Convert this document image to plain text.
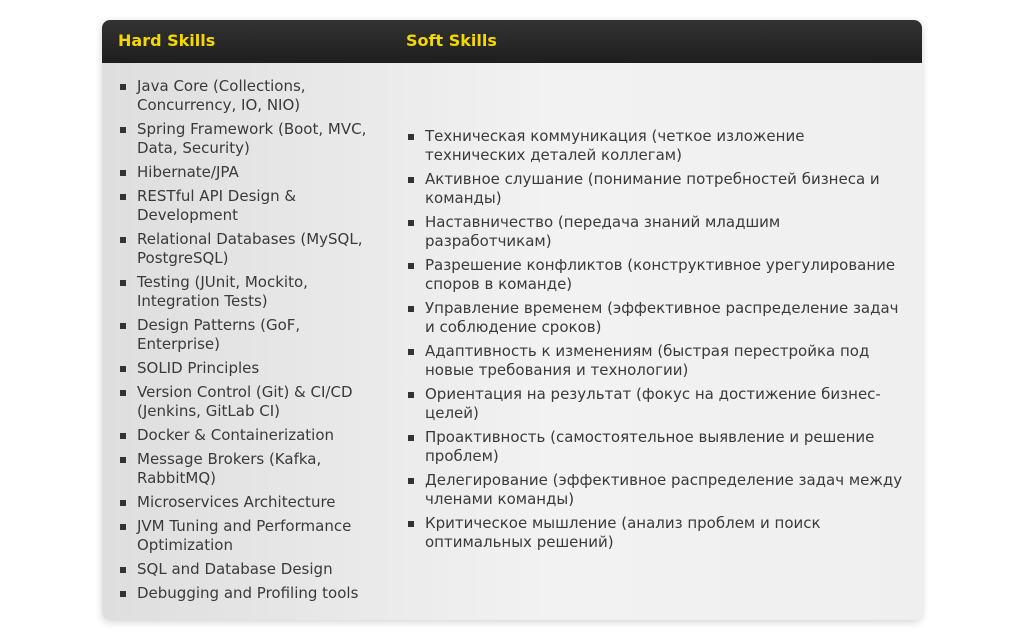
Hard Skills	Soft Skills
Java Core (Collections, Concurrency, IO, NIO)
Spring Framework (Boot, MVC, Data, Security)
Hibernate/JPA
RESTful API Design & Development
Relational Databases (MySQL, PostgreSQL)
Testing (JUnit, Mockito, Integration Tests)
Design Patterns (GoF, Enterprise)
SOLID Principles
Version Control (Git) & CI/CD (Jenkins, GitLab CI)
Docker & Containerization
Message Brokers (Kafka, RabbitMQ)
Microservices Architecture
JVM Tuning and Performance Optimization
SQL and Database Design
Debugging and Profiling tools
Техническая коммуникация (четкое изложение технических деталей коллегам)
Активное слушание (понимание потребностей бизнеса и команды)
Наставничество (передача знаний младшим разработчикам)
Разрешение конфликтов (конструктивное урегулирование споров в команде)
Управление временем (эффективное распределение задач и соблюдение сроков)
Адаптивность к изменениям (быстрая перестройка под новые требования и технологии)
Ориентация на результат (фокус на достижение бизнес-целей)
Проактивность (самостоятельное выявление и решение проблем)
Делегирование (эффективное распределение задач между членами команды)
Критическое мышление (анализ проблем и поиск оптимальных решений)
